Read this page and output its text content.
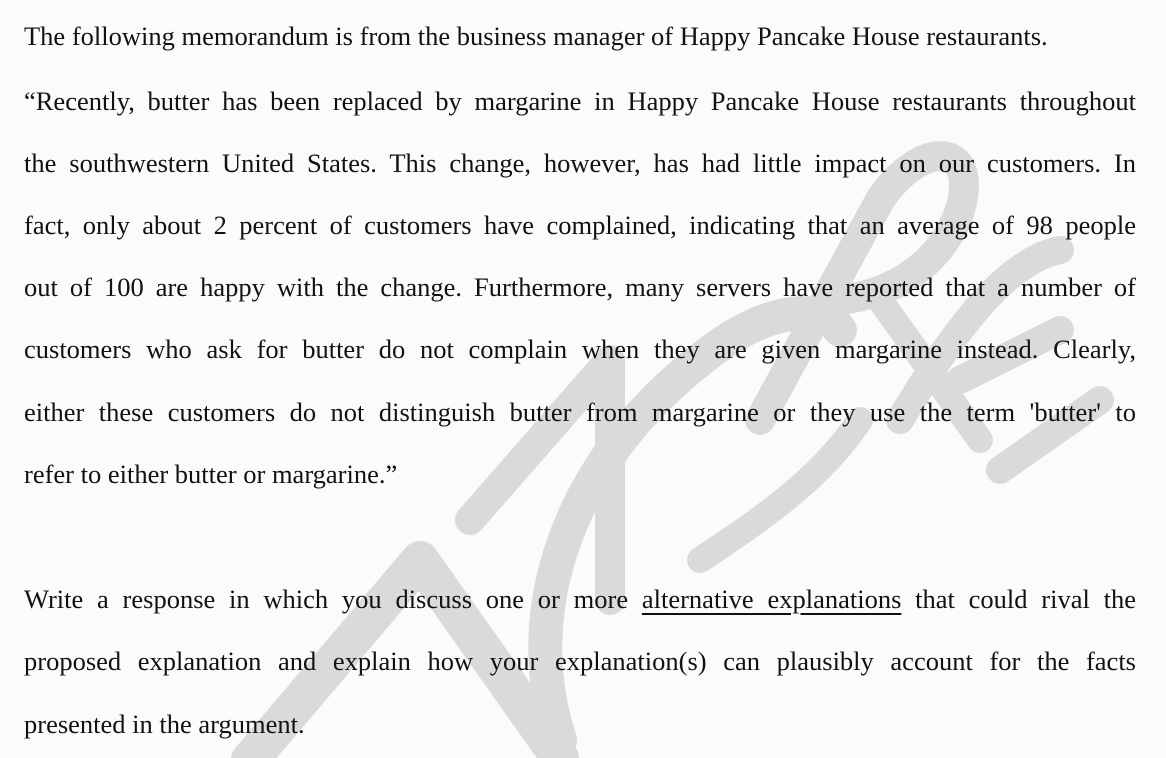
The following memorandum is from the business manager of Happy Pancake House restaurants.
“Recently, butter has been replaced by margarine in Happy Pancake House restaurants throughout
the southwestern United States. This change, however, has had little impact on our customers. In
fact, only about 2 percent of customers have complained, indicating that an average of 98 people
out of 100 are happy with the change. Furthermore, many servers have reported that a number of
customers who ask for butter do not complain when they are given margarine instead. Clearly,
either these customers do not distinguish butter from margarine or they use the term 'butter' to
refer to either butter or margarine.”
Write a response in which you discuss one or more alternative explanations that could rival the
proposed explanation and explain how your explanation(s) can plausibly account for the facts
presented in the argument.
